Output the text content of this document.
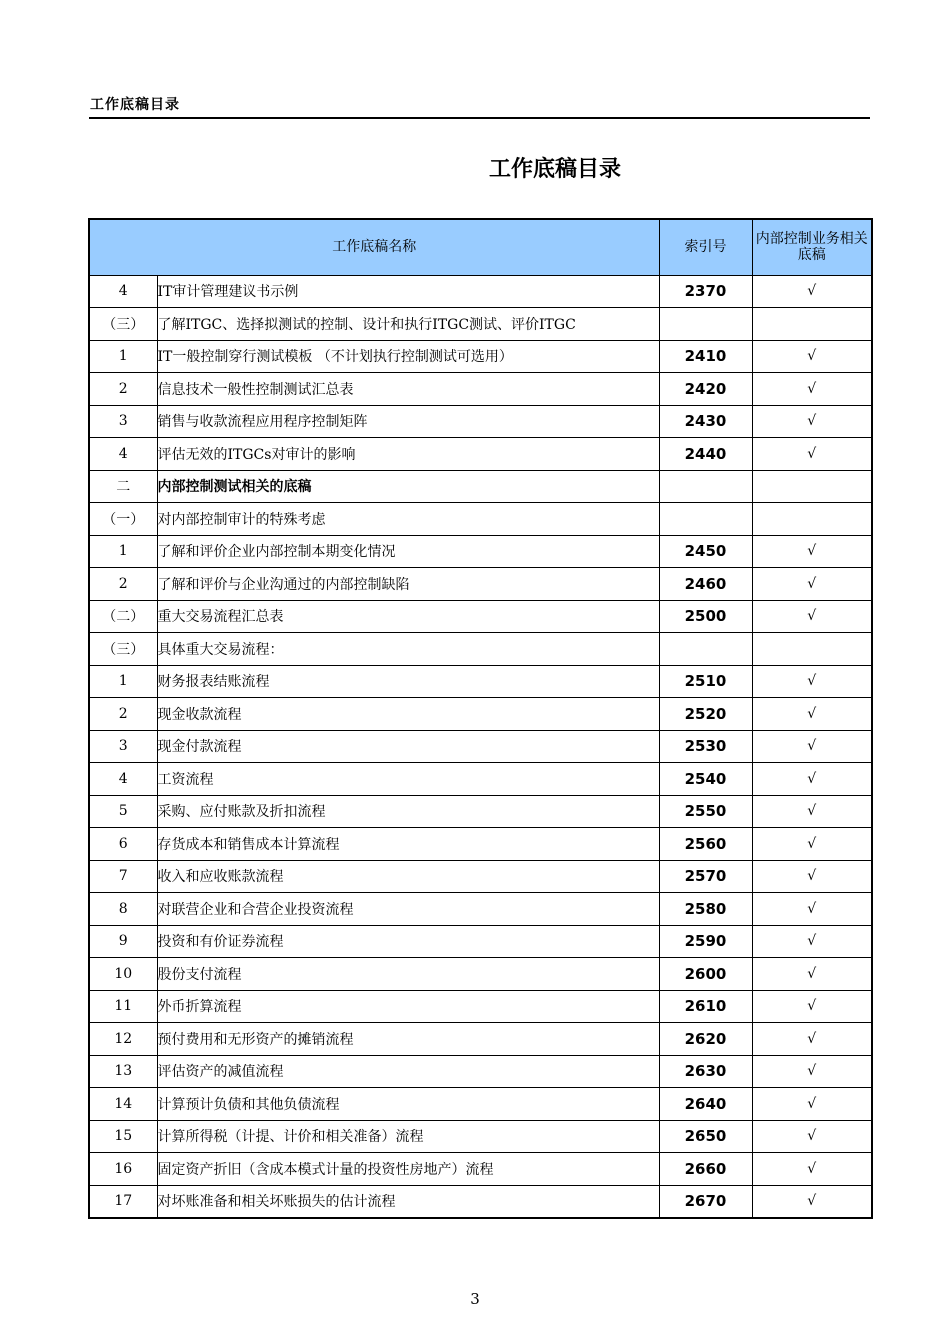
工作底稿目录
工作底稿目录
工作底稿名称		索引号	内部控制业务相关底稿
4	IT审计管理建议书示例	2370	√
（三）	了解ITGC、选择拟测试的控制、设计和执行ITGC测试、评价ITGC		
1	IT一般控制穿行测试模板 （不计划执行控制测试可选用）	2410	√
2	信息技术一般性控制测试汇总表	2420	√
3	销售与收款流程应用程序控制矩阵	2430	√
4	评估无效的ITGCs对审计的影响	2440	√
二	内部控制测试相关的底稿		
（一）	对内部控制审计的特殊考虑		
1	了解和评价企业内部控制本期变化情况	2450	√
2	了解和评价与企业沟通过的内部控制缺陷	2460	√
（二）	重大交易流程汇总表	2500	√
（三）	具体重大交易流程：		
1	财务报表结账流程	2510	√
2	现金收款流程	2520	√
3	现金付款流程	2530	√
4	工资流程	2540	√
5	采购、应付账款及折扣流程	2550	√
6	存货成本和销售成本计算流程	2560	√
7	收入和应收账款流程	2570	√
8	对联营企业和合营企业投资流程	2580	√
9	投资和有价证券流程	2590	√
10	股份支付流程	2600	√
11	外币折算流程	2610	√
12	预付费用和无形资产的摊销流程	2620	√
13	评估资产的减值流程	2630	√
14	计算预计负债和其他负债流程	2640	√
15	计算所得税（计提、计价和相关准备）流程	2650	√
16	固定资产折旧（含成本模式计量的投资性房地产）流程	2660	√
17	对坏账准备和相关坏账损失的估计流程	2670	√
3
